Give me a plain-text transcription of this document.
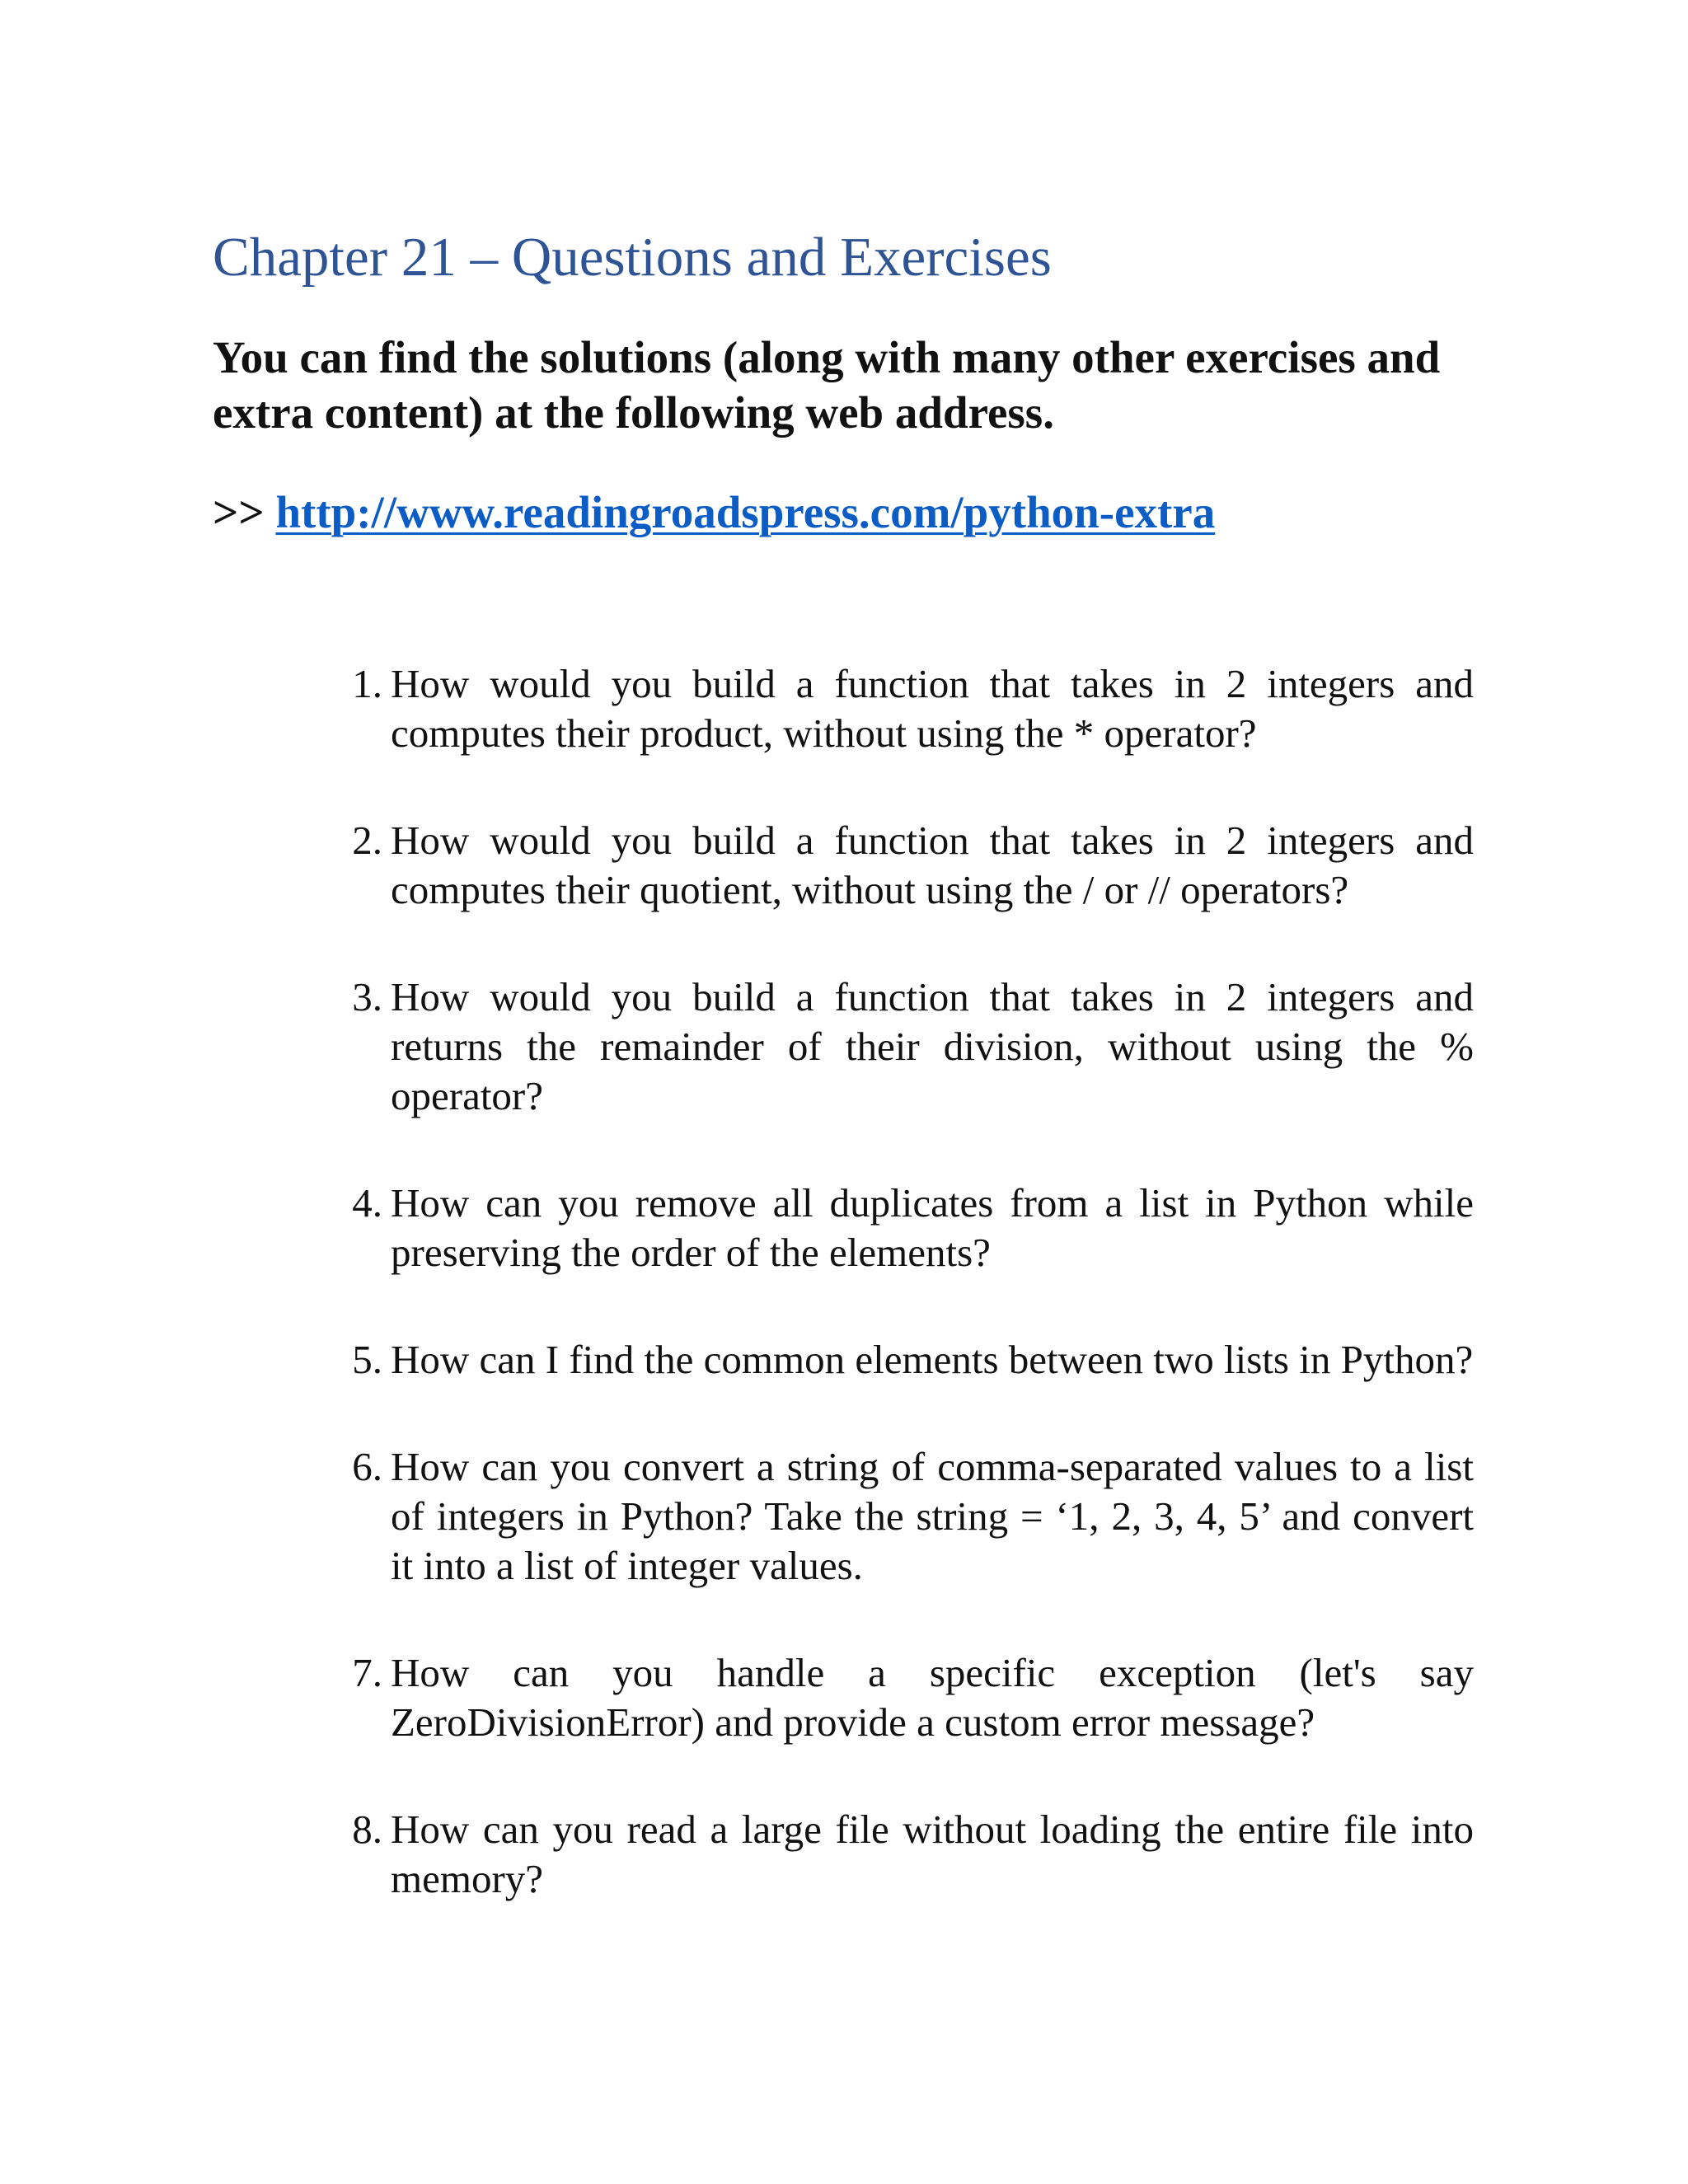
Chapter 21 – Questions and Exercises

You can find the solutions (along with many other exercises and extra content) at the following web address.

>> http://www.readingroadspress.com/python-extra

1. How would you build a function that takes in 2 integers and computes their product, without using the * operator?
2. How would you build a function that takes in 2 integers and computes their quotient, without using the / or // operators?
3. How would you build a function that takes in 2 integers and returns the remainder of their division, without using the % operator?
4. How can you remove all duplicates from a list in Python while preserving the order of the elements?
5. How can I find the common elements between two lists in Python?
6. How can you convert a string of comma-separated values to a list of integers in Python? Take the string = ‘1, 2, 3, 4, 5’ and convert it into a list of integer values.
7. How can you handle a specific exception (let's say ZeroDivisionError) and provide a custom error message?
8. How can you read a large file without loading the entire file into memory?
